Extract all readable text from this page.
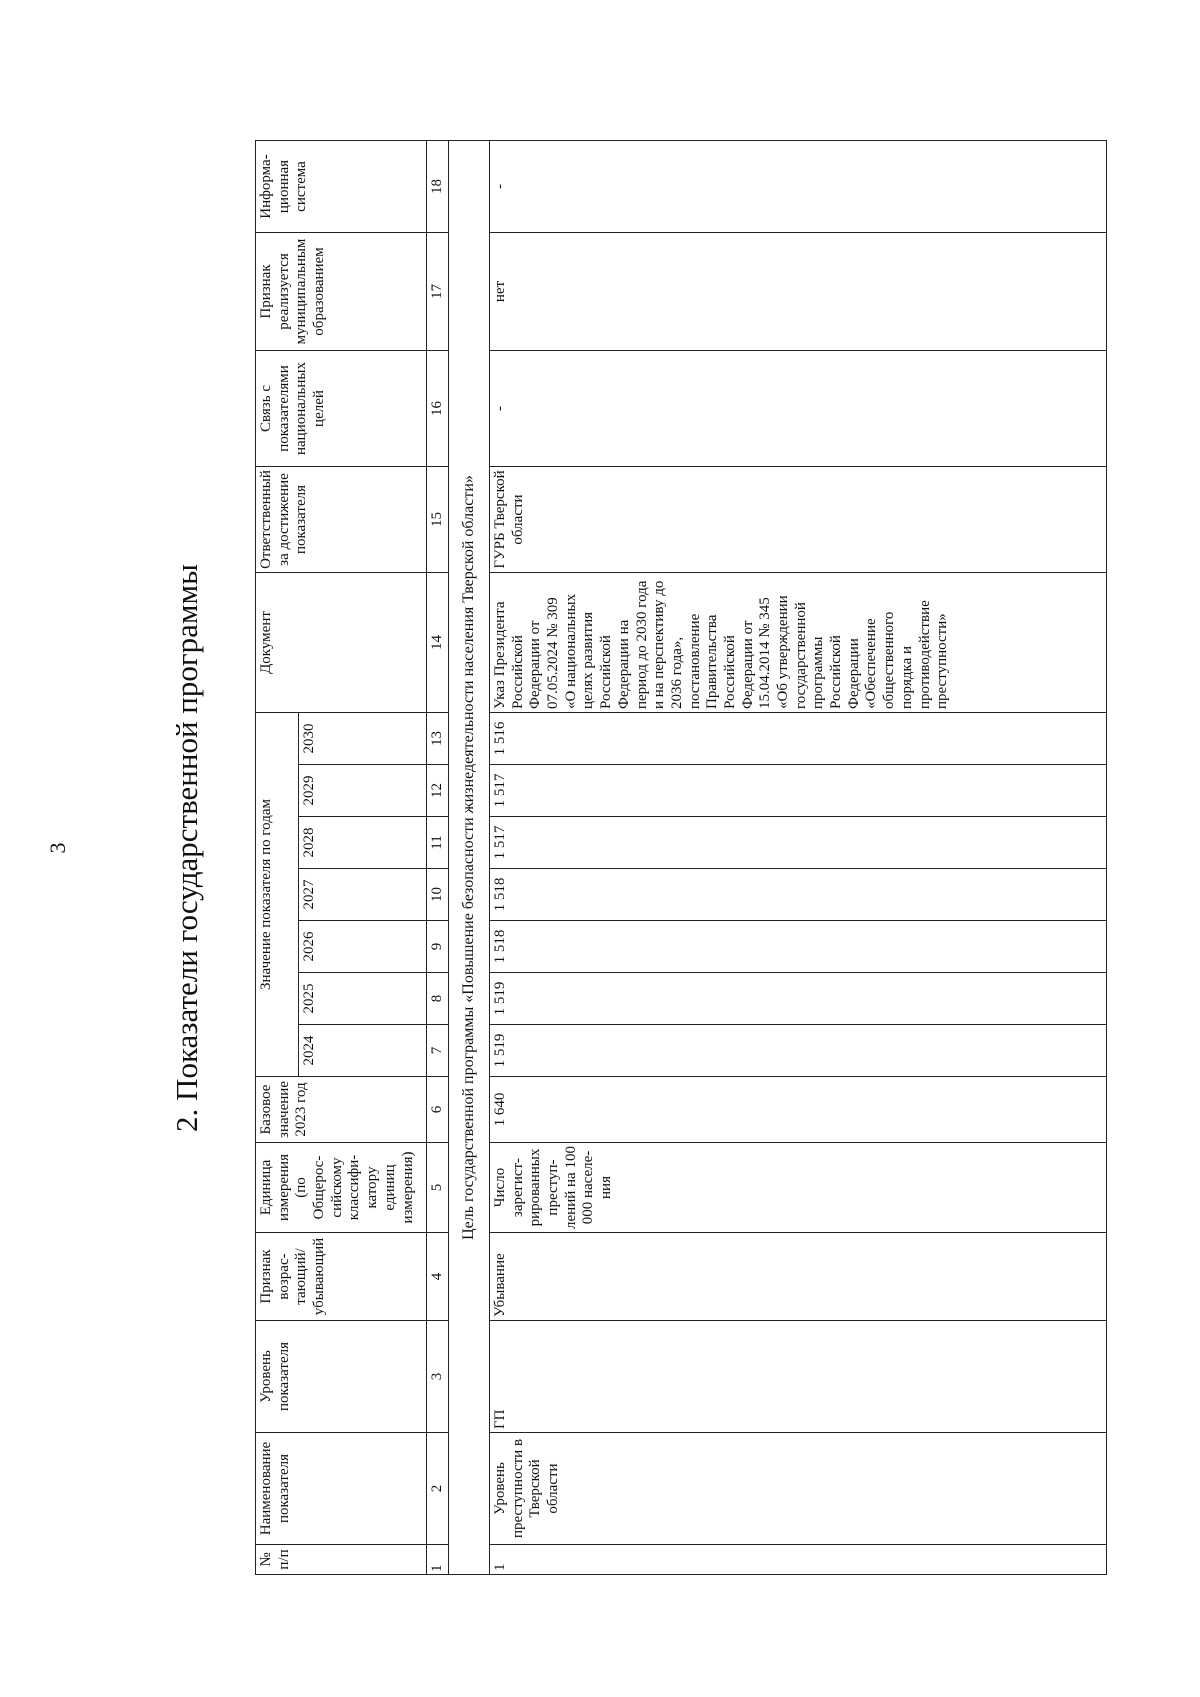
3	2. Показатели государственной программы
№ п/п	Наименование показателя	Уровень показателя	Признак возрастающий/ убывающий	Единица измерения (по Общероссийскому классификатору единиц измерения)	Базовое значение 2023 год	Значение показателя по годам							Документ	Ответственный за достижение показателя	Связь с показателями национальных целей	Признак реализуется муниципальным образованием	Информационная система
						2024	2025	2026	2027	2028	2029	2030					
1	2	3	4	5	6	7	8	9	10	11	12	13	14	15	16	17	18
Цель государственной программы «Повышение безопасности жизнедеятельности населения Тверской области»																	
1	Уровень преступности в Тверской области	ГП	Убывание	Число зарегистрированных преступлений на 100 000 населения	1 640	1 519	1 519	1 518	1 518	1 517	1 517	1 516	Указ Президента Российской Федерации от 07.05.2024 № 309 «О национальных целях развития Российской Федерации на период до 2030 года и на перспективу до 2036 года», постановление Правительства Российской Федерации от 15.04.2014 № 345 «Об утверждении государственной программы Российской Федерации «Обеспечение общественного порядка и противодействие преступности»	ГУРБ Тверской области	-	нет	-
